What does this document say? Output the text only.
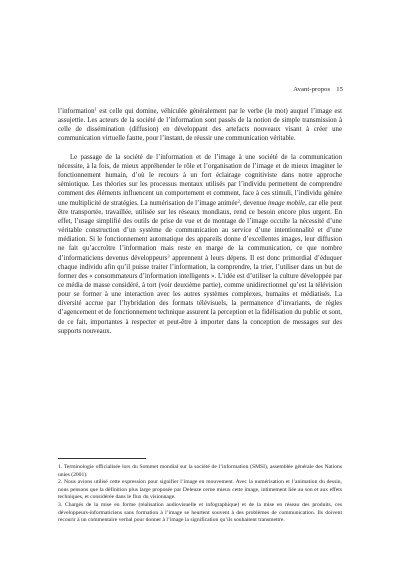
Avant-propos 15

l’information$^1$ est celle qui domine, véhiculée généralement par le verbe (le mot) auquel l’image est assujettie. Les acteurs de la société de l’information sont passés de la notion de simple transmission à celle de dissémination (diffusion) en développant des artefacts nouveaux visant à créer une communication virtuelle fautte, pour l’instant, de réussir une communication véritable.

Le passage de la société de l’information et de l’image à une société de la communication nécessite, à la fois, de mieux appréhender le rôle et l’organisation de l’image et de mieux imaginer le fonctionnement humain, d’où le recours à un fort éclairage cognitiviste dans notre approche sémiotique. Les théories sur les processus mentaux utilisés par l’individu permettent de comprendre comment des éléments influencent un comportement et comment, face à ces stimuli, l’individu génère une multiplicité de stratégies. La numérisation de l’image animée$^2$, devenue image mobile, car elle peut être transportée, travaillée, utilisée sur les réseaux mondiaux, rend ce besoin encore plus urgent. En effet, l’usage simplifié des outils de prise de vue et de montage de l’image occulte la nécessité d’une véritable construction d’un système de communication au service d’une intentionnalité et d’une médiation. Si le fonctionnement automatique des appareils donne d’excellentes images, leur diffusion ne fait qu’accroître l’information mais reste en marge de la communication, ce que nombre d’informaticiens devenus développeurs$^3$ apprennent à leurs dépens. Il est donc primordial d’éduquer chaque individu afin qu’il puisse traiter l’information, la comprendre, la trier, l’utiliser dans un but de former des « consommateurs d’information intelligents ». L’idée est d’utiliser la culture développée par ce média de masse considéré, à tort (voir deuxième partie), comme unidirectionnel qu’est la télévision pour se former à une interaction avec les autres systèmes complexes, humains et médiatisés. La diversité accrue par l’hybridation des formats télévisuels, la permanence d’invariants, de règles d’agencement et de fonctionnement technique assurent la perception et la fidélisation du public et sont, de ce fait, importantes à respecter et peut-être à importer dans la conception de messages sur des supports nouveaux.

1. Terminologie officialisée lors du Sommet mondial sur la société de l’information (SMSI), assemblée générale des Nations unies (2001).

2. Nous avions utilisé cette expression pour signifier l’image en mouvement. Avec la numérisation et l’animation du dessin, nous pensons que la définition plus large proposée par Deleuze cerne mieux cette image, intimement liée au son et aux effets techniques, et considérée dans le flux du visionnage.

3. Chargés de la mise en forme (réalisation audiovisuelle et infographique) et de la mise en réseau des produits, ces développeurs-informaticiens sans formation à l’image se heurtent souvent à des problèmes de communication. Ils doivent recourir à un commentaire verbal pour donner à l’image la signification qu’ils souhaitent transmettre.
